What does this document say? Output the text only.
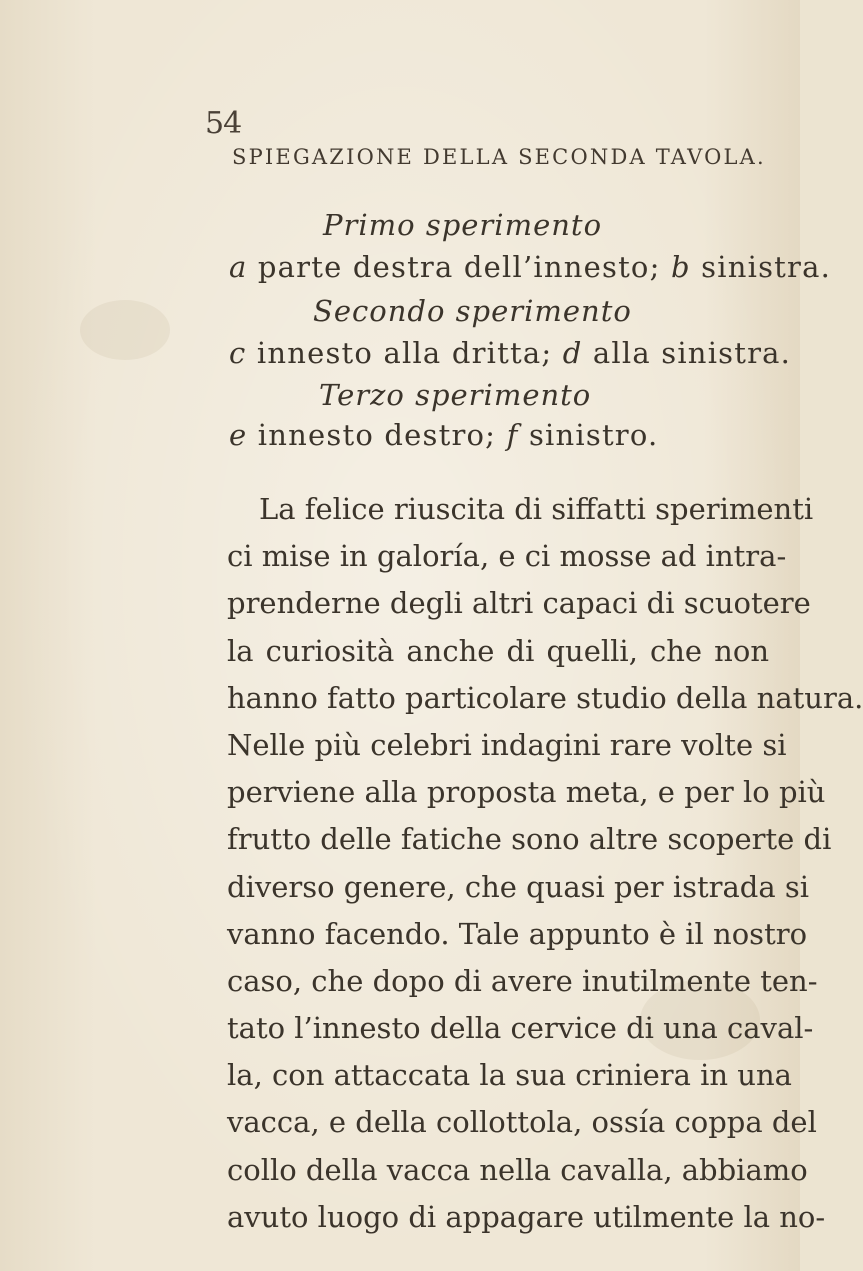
54
SPIEGAZIONE DELLA SECONDA TAVOLA.
Primo sperimento
a parte destra dell’innesto; b sinistra.
Secondo sperimento
c innesto alla dritta; d alla sinistra.
Terzo sperimento
e innesto destro; f sinistro.
La felice riuscita di siffatti sperimenti
ci mise in galoría, e ci mosse ad intra-
prenderne degli altri capaci di scuotere
la curiosità anche di quelli, che non
hanno fatto particolare studio della natura.
Nelle più celebri indagini rare volte si
perviene alla proposta meta, e per lo più
frutto delle fatiche sono altre scoperte di
diverso genere, che quasi per istrada si
vanno facendo. Tale appunto è il nostro
caso, che dopo di avere inutilmente ten-
tato l’innesto della cervice di una caval-
la, con attaccata la sua criniera in una
vacca, e della collottola, ossía coppa del
collo della vacca nella cavalla, abbiamo
avuto luogo di appagare utilmente la no-
